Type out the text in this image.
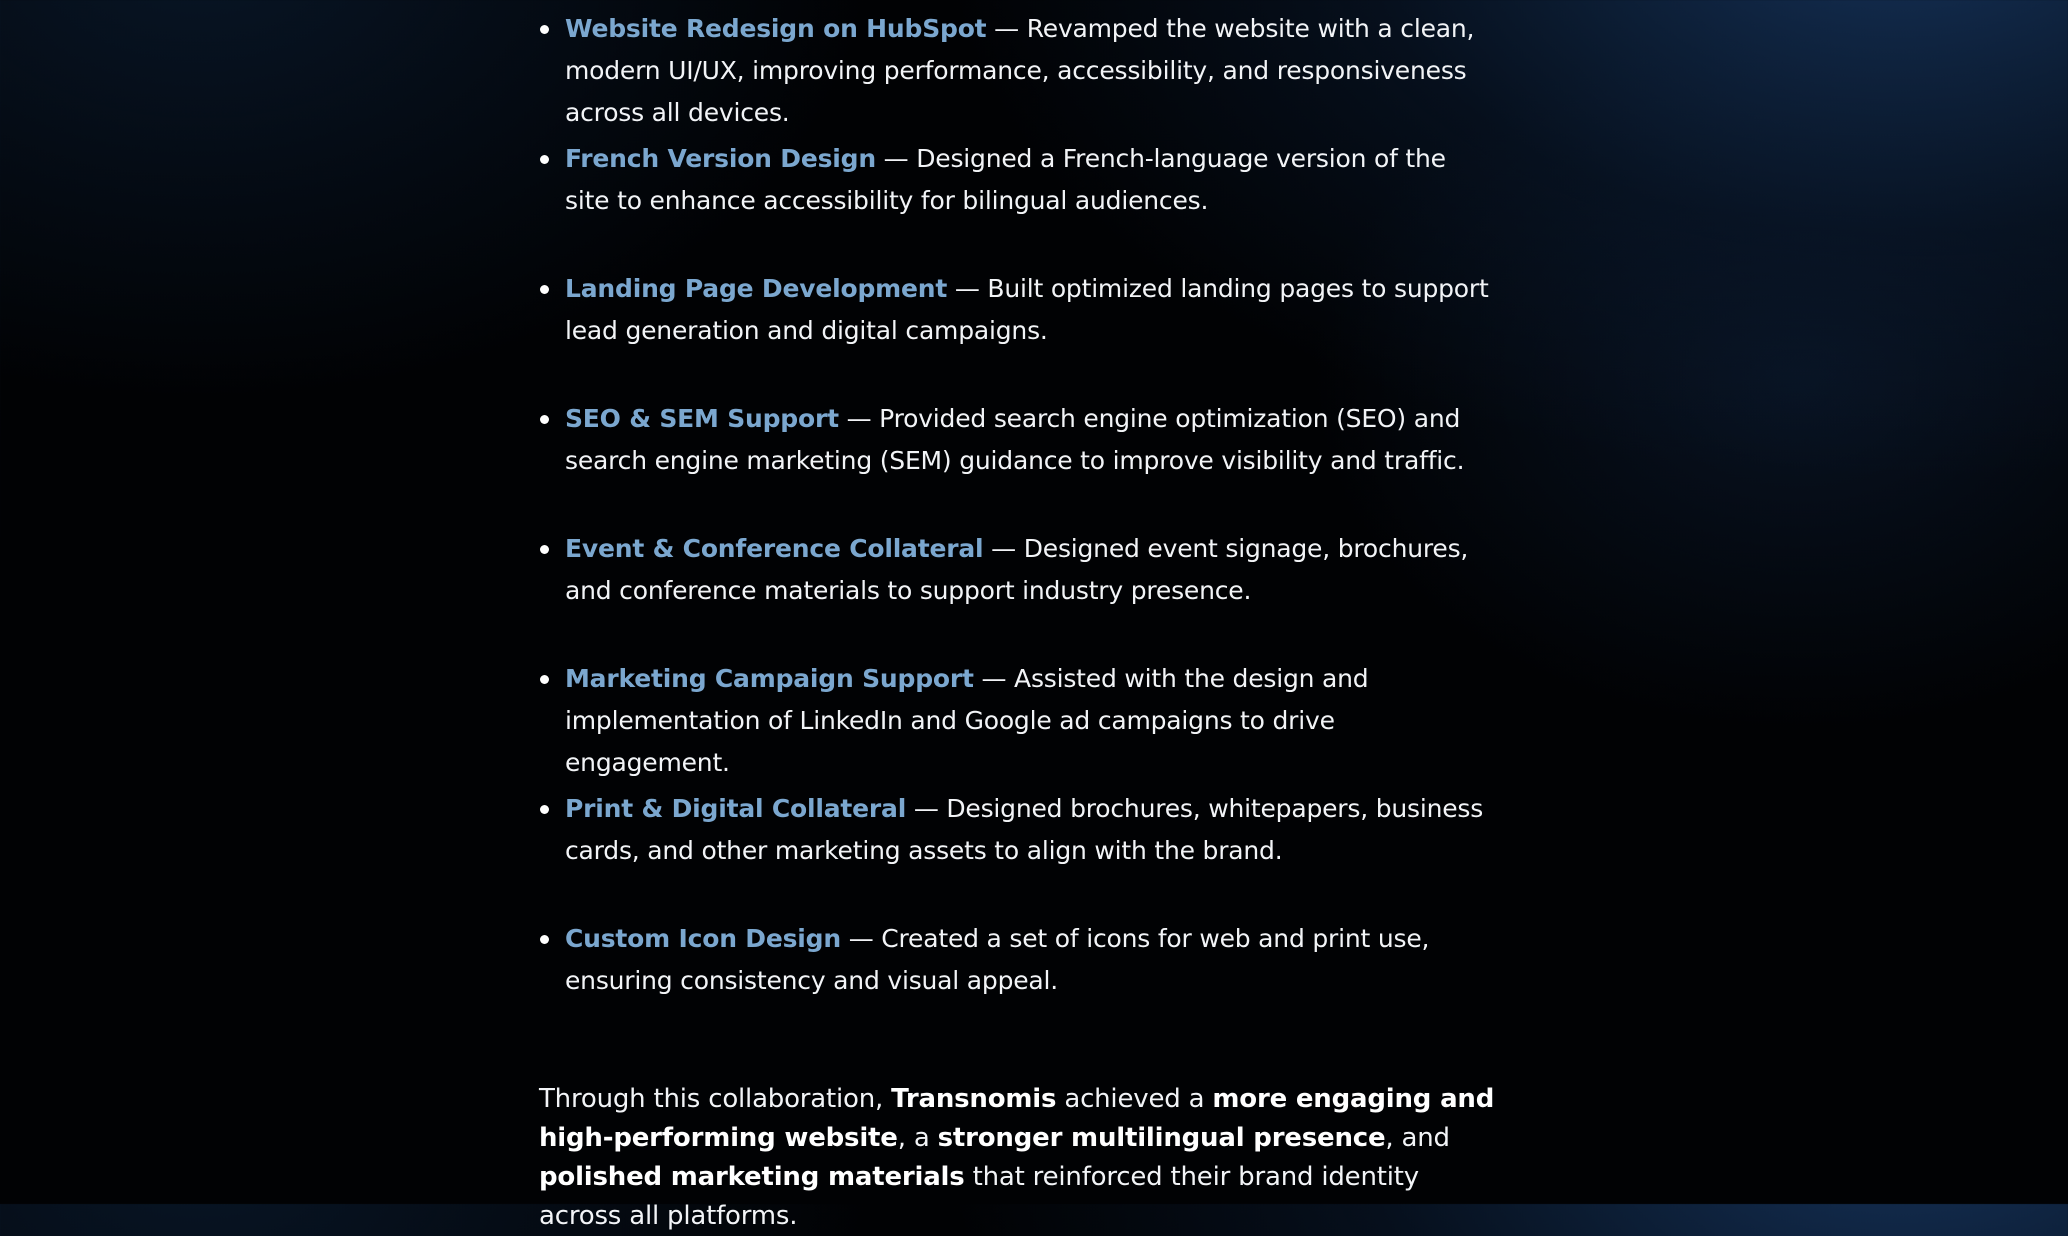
Website Redesign on HubSpot — Revamped the website with a clean, modern UI/UX, improving performance, accessibility, and responsiveness across all devices.
French Version Design — Designed a French-language version of the site to enhance accessibility for bilingual audiences.
Landing Page Development — Built optimized landing pages to support lead generation and digital campaigns.
SEO & SEM Support — Provided search engine optimization (SEO) and search engine marketing (SEM) guidance to improve visibility and traffic.
Event & Conference Collateral — Designed event signage, brochures, and conference materials to support industry presence.
Marketing Campaign Support — Assisted with the design and implementation of LinkedIn and Google ad campaigns to drive engagement.
Print & Digital Collateral — Designed brochures, whitepapers, business cards, and other marketing assets to align with the brand.
Custom Icon Design — Created a set of icons for web and print use, ensuring consistency and visual appeal.

Through this collaboration, Transnomis achieved a more engaging and high-performing website, a stronger multilingual presence, and polished marketing materials that reinforced their brand identity across all platforms.
